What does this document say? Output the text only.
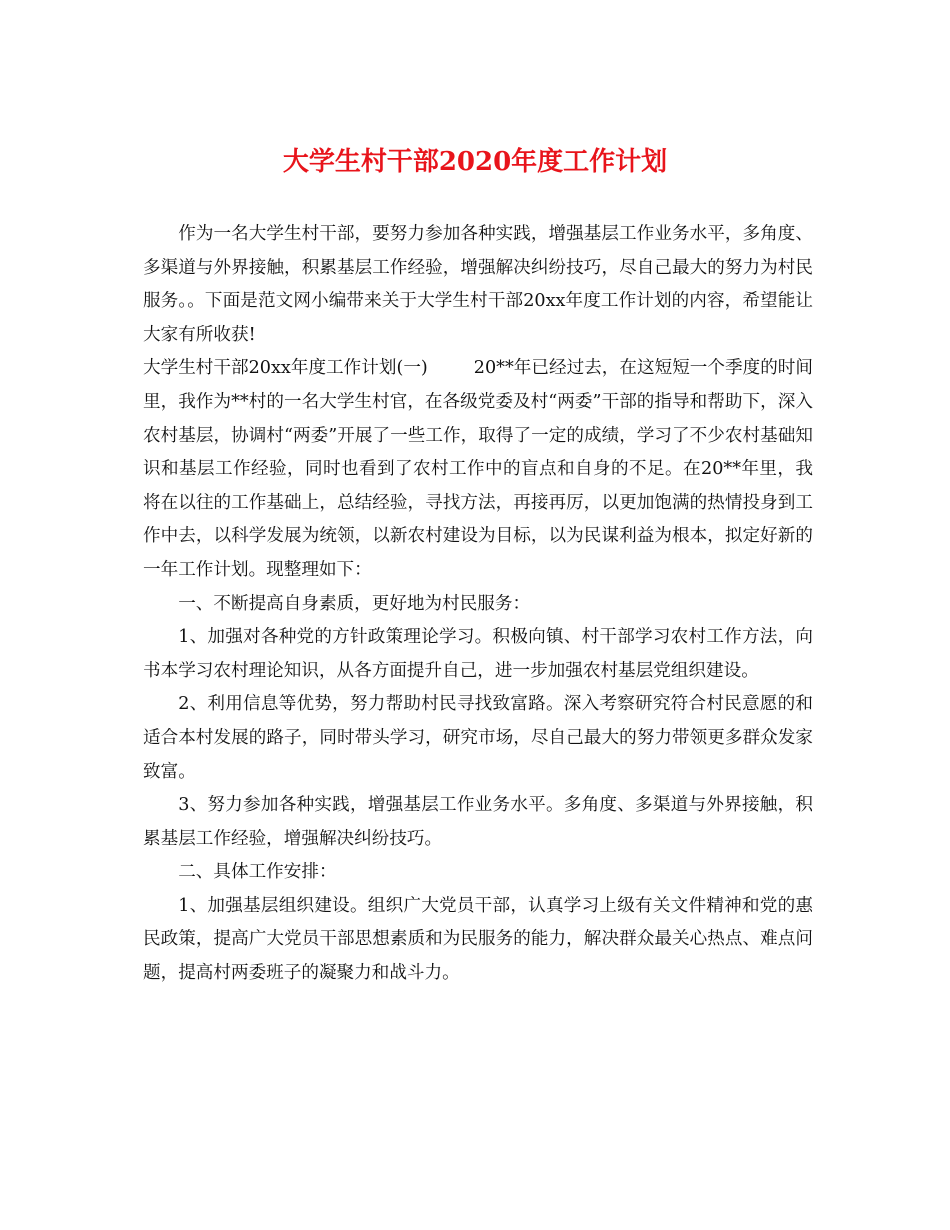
大学生村干部2020年度工作计划

作为一名大学生村干部，要努力参加各种实践，增强基层工作业务水平，多角度、多渠道与外界接触，积累基层工作经验，增强解决纠纷技巧，尽自己最大的努力为村民服务。。下面是范文网小编带来关于大学生村干部20xx年度工作计划的内容，希望能让大家有所收获!

大学生村干部20xx年度工作计划(一)	20**年已经过去，在这短短一个季度的时间里，我作为**村的一名大学生村官，在各级党委及村“两委”干部的指导和帮助下，深入农村基层，协调村“两委”开展了一些工作，取得了一定的成绩，学习了不少农村基础知识和基层工作经验，同时也看到了农村工作中的盲点和自身的不足。在20**年里，我将在以往的工作基础上，总结经验，寻找方法，再接再厉，以更加饱满的热情投身到工作中去，以科学发展为统领，以新农村建设为目标，以为民谋利益为根本，拟定好新的一年工作计划。现整理如下：

一、不断提高自身素质，更好地为村民服务：

1、加强对各种党的方针政策理论学习。积极向镇、村干部学习农村工作方法，向书本学习农村理论知识，从各方面提升自己，进一步加强农村基层党组织建设。

2、利用信息等优势，努力帮助村民寻找致富路。深入考察研究符合村民意愿的和适合本村发展的路子，同时带头学习，研究市场，尽自己最大的努力带领更多群众发家致富。

3、努力参加各种实践，增强基层工作业务水平。多角度、多渠道与外界接触，积累基层工作经验，增强解决纠纷技巧。

二、具体工作安排：

1、加强基层组织建设。组织广大党员干部，认真学习上级有关文件精神和党的惠民政策，提高广大党员干部思想素质和为民服务的能力，解决群众最关心热点、难点问题，提高村两委班子的凝聚力和战斗力。
